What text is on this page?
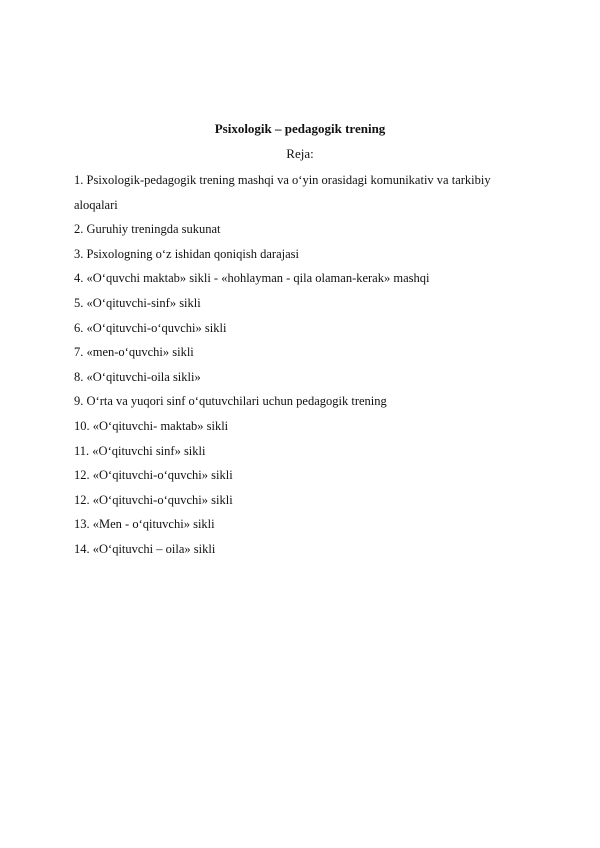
Psixologik – pedagogik trening
Reja:
1. Psixologik-pedagogik trening mashqi va o‘yin orasidagi komunikativ va tarkibiy aloqalari
2. Guruhiy treningda sukunat
3. Psixologning o‘z ishidan qoniqish darajasi
4. «O‘quvchi maktab» sikli - «hohlayman - qila olaman-kerak» mashqi
5. «O‘qituvchi-sinf» sikli
6. «O‘qituvchi-o‘quvchi» sikli
7. «men-o‘quvchi» sikli
8. «O‘qituvchi-oila sikli»
9. O‘rta va yuqori sinf o‘qutuvchilari uchun pedagogik trening
10. «O‘qituvchi- maktab» sikli
11. «O‘qituvchi sinf» sikli
12. «O‘qituvchi-o‘quvchi» sikli
12. «O‘qituvchi-o‘quvchi» sikli
13. «Men - o‘qituvchi» sikli
14. «O‘qituvchi – oila» sikli
